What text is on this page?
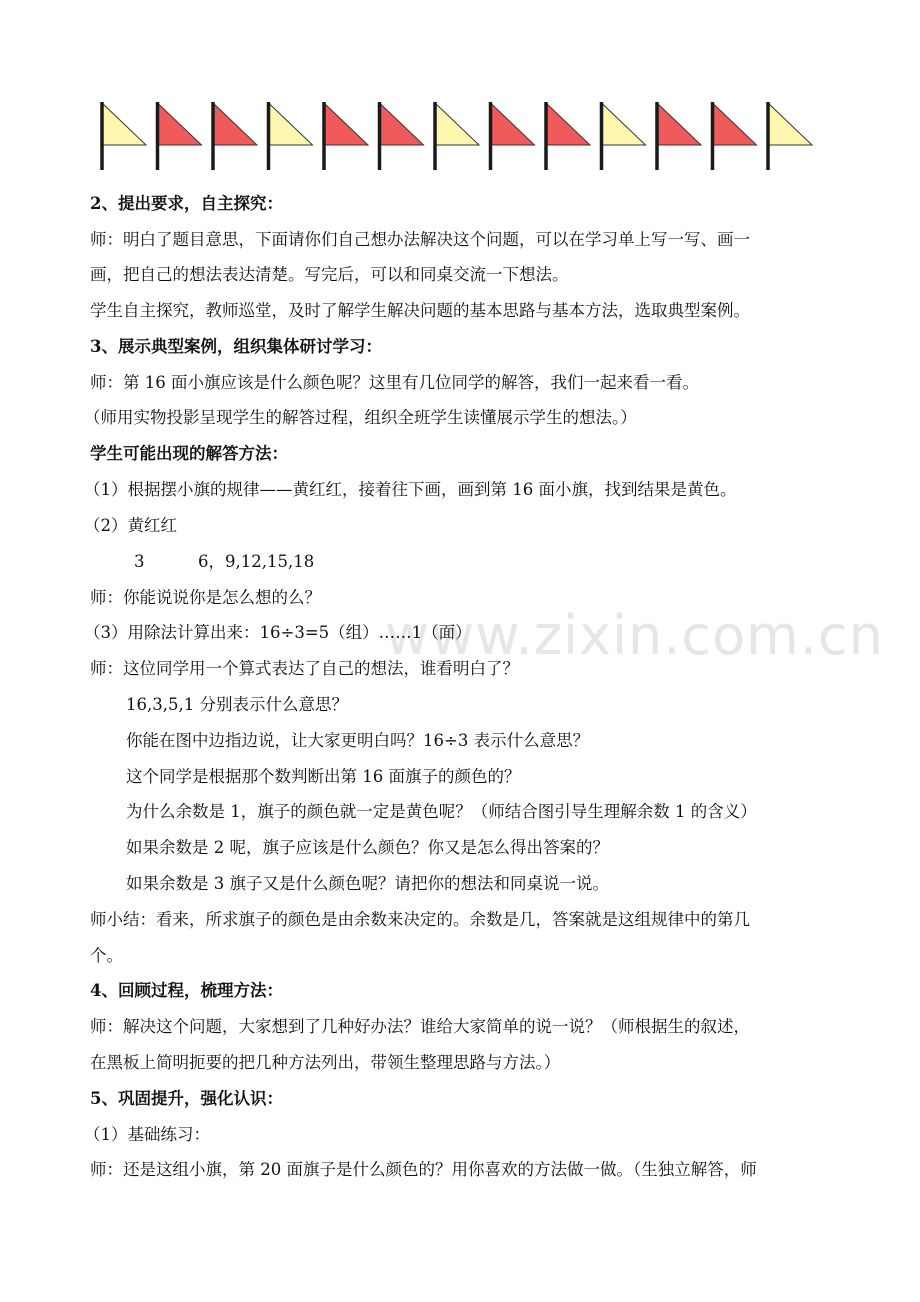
www.zixin.com.cn
2、提出要求，自主探究：
师：明白了题目意思，下面请你们自己想办法解决这个问题，可以在学习单上写一写、画一
画，把自己的想法表达清楚。写完后，可以和同桌交流一下想法。
学生自主探究，教师巡堂，及时了解学生解决问题的基本思路与基本方法，选取典型案例。
3、展示典型案例，组织集体研讨学习：
师：第 16 面小旗应该是什么颜色呢？这里有几位同学的解答，我们一起来看一看。
（师用实物投影呈现学生的解答过程，组织全班学生读懂展示学生的想法。）
学生可能出现的解答方法：
（1）根据摆小旗的规律——黄红红，接着往下画，画到第 16 面小旗，找到结果是黄色。
（2）黄红红
3	6，9,12,15,18
师：你能说说你是怎么想的么？
（3）用除法计算出来：16÷3=5（组）……1（面）
师：这位同学用一个算式表达了自己的想法，谁看明白了？
16,3,5,1 分别表示什么意思？
你能在图中边指边说，让大家更明白吗？16÷3 表示什么意思？
这个同学是根据那个数判断出第 16 面旗子的颜色的？
为什么余数是 1，旗子的颜色就一定是黄色呢？（师结合图引导生理解余数 1 的含义）
如果余数是 2 呢，旗子应该是什么颜色？你又是怎么得出答案的？
如果余数是 3 旗子又是什么颜色呢？请把你的想法和同桌说一说。
师小结：看来，所求旗子的颜色是由余数来决定的。余数是几，答案就是这组规律中的第几
个。
4、回顾过程，梳理方法：
师：解决这个问题，大家想到了几种好办法？谁给大家简单的说一说？（师根据生的叙述，
在黑板上简明扼要的把几种方法列出，带领生整理思路与方法。）
5、巩固提升，强化认识：
（1）基础练习：
师：还是这组小旗，第 20 面旗子是什么颜色的？用你喜欢的方法做一做。（生独立解答，师
